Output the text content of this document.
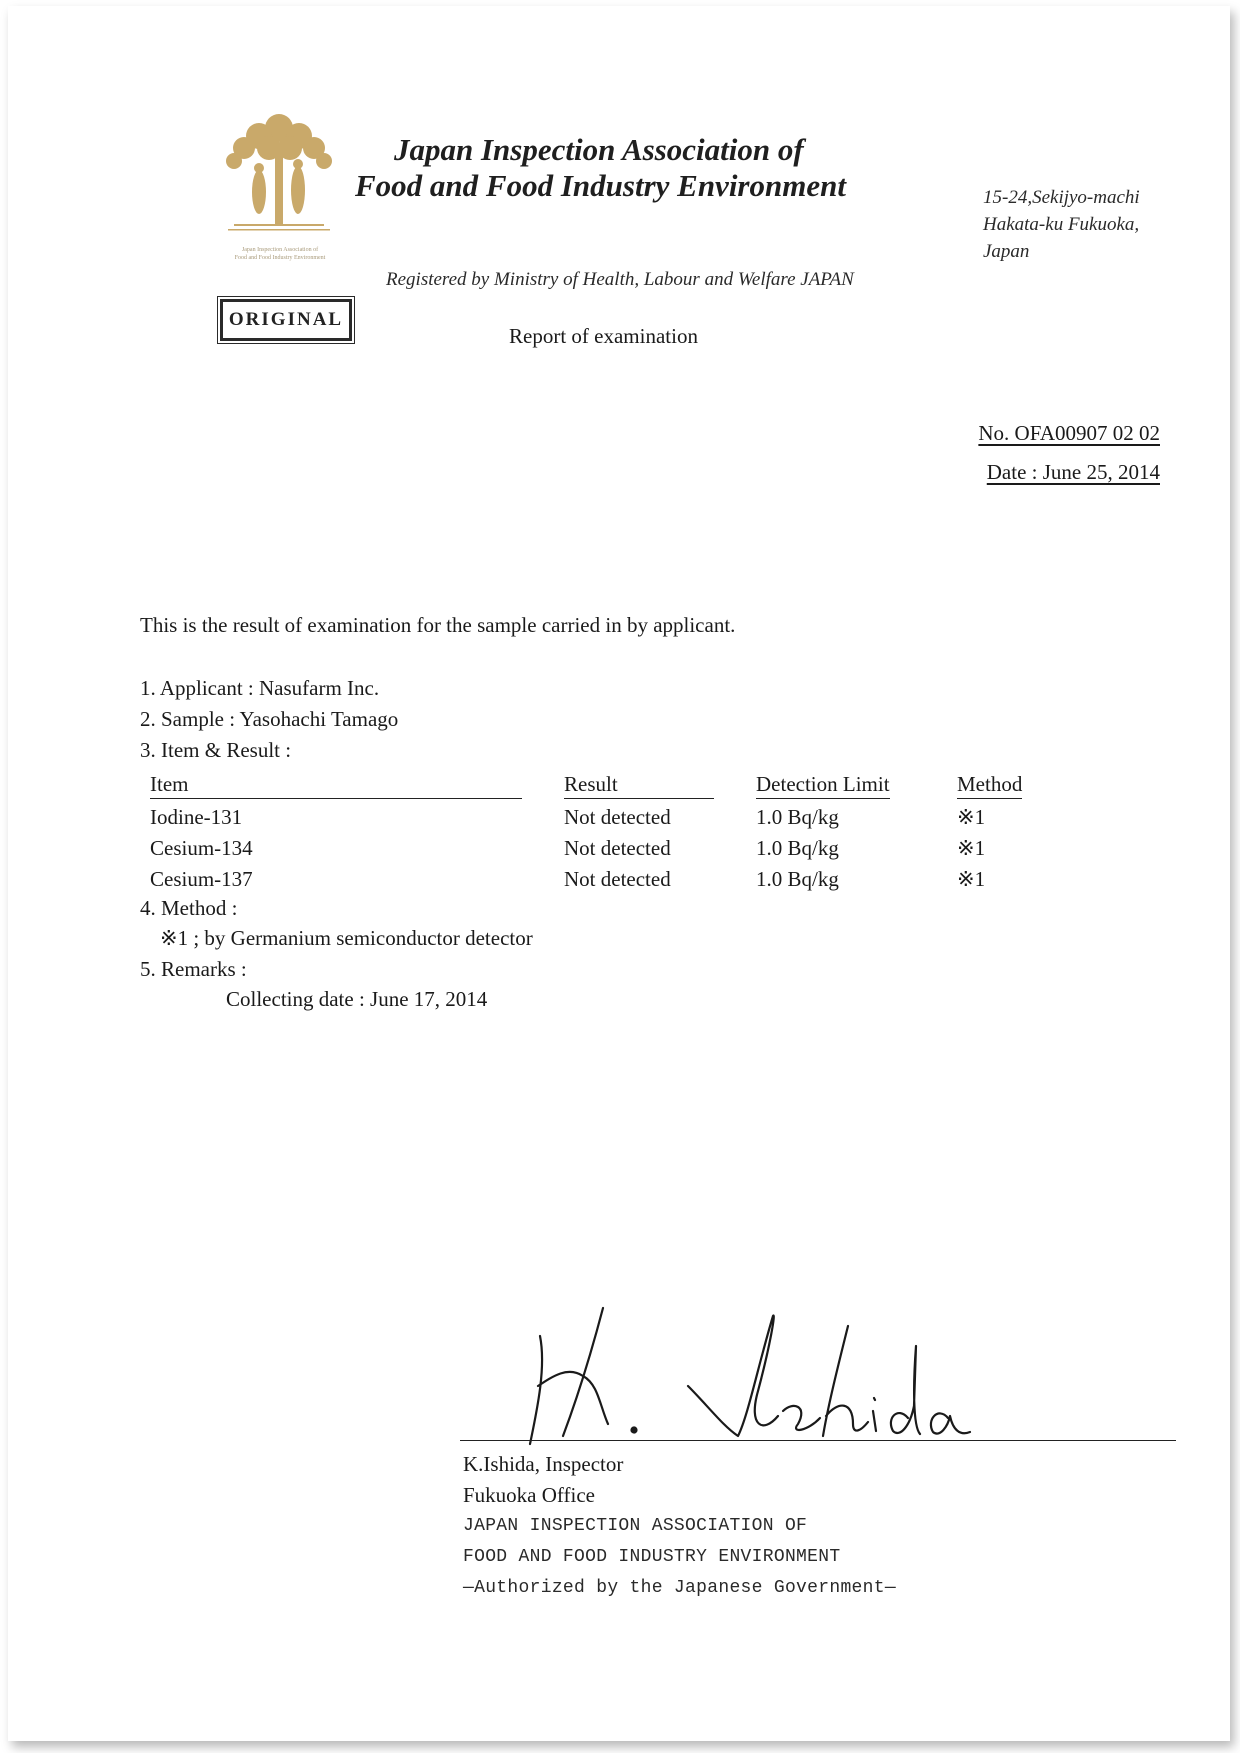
Japan Inspection Association of
Food and Food Industry Environment
ORIGINAL
Japan Inspection Association of
Food and Food Industry Environment	15-24,Sekijyo-machi
Hakata-ku Fukuoka,
Japan
Registered by Ministry of Health, Labour and Welfare JAPAN
Report of examination
No. OFA00907 02 02
Date : June 25, 2014
This is the result of examination for the sample carried in by applicant.
1. Applicant : Nasufarm Inc.
2. Sample : Yasohachi Tamago
3. Item & Result :
Item	Result	Detection Limit	Method
Iodine-131	Not detected	1.0 Bq/kg	※1
Cesium-134	Not detected	1.0 Bq/kg	※1
Cesium-137	Not detected	1.0 Bq/kg	※1
4. Method :
※1 ; by Germanium semiconductor detector
5. Remarks :
Collecting date : June 17, 2014
K.Ishida, Inspector
Fukuoka Office
JAPAN INSPECTION ASSOCIATION OF
FOOD AND FOOD INDUSTRY ENVIRONMENT
—Authorized by the Japanese Government—
